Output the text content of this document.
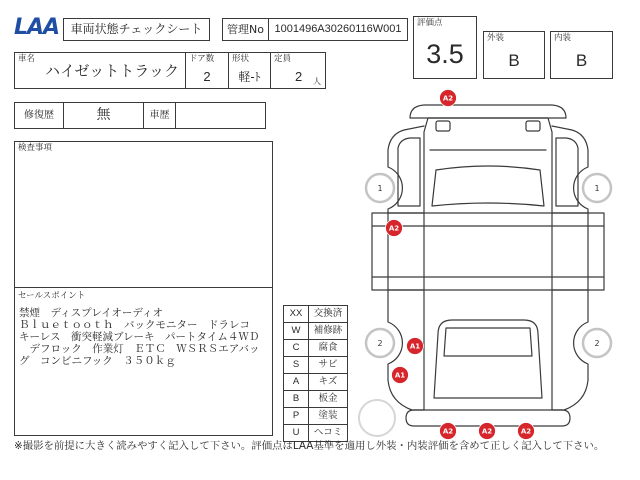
LAA 車両状態チェックシート	管理No 1001496A30260116W001	評価点
3.5
外装
B
内装
B
車名
ハイゼットトラック
ドア数
2
形状
軽-ﾄ
定員
2 人
修復歴	無	車歴
検査事項
セールスポイント
禁煙　ディスプレイオーディオ
Ｂｌｕｅｔｏｏｔｈ　バックモニター　ドラレコ
キーレス　衝突軽減ブレーキ　パートタイム４ＷＤ
　デフロック　作業灯　ＥＴＣ　ＷＳＲＳエアバッ
グ　コンビニフック　３５０ｋｇ
XX	交換済
W	補修跡
C	腐食
S	サビ
A	キズ
B	板金
P	塗装
U	ヘコミ
1	1
2	2
A2
A2
A1
A1
A2	A2	A2
※撮影を前提に大きく読みやすく記入して下さい。評価点はLAA基準を適用し外装・内装評価を含めて正しく記入して下さい。
